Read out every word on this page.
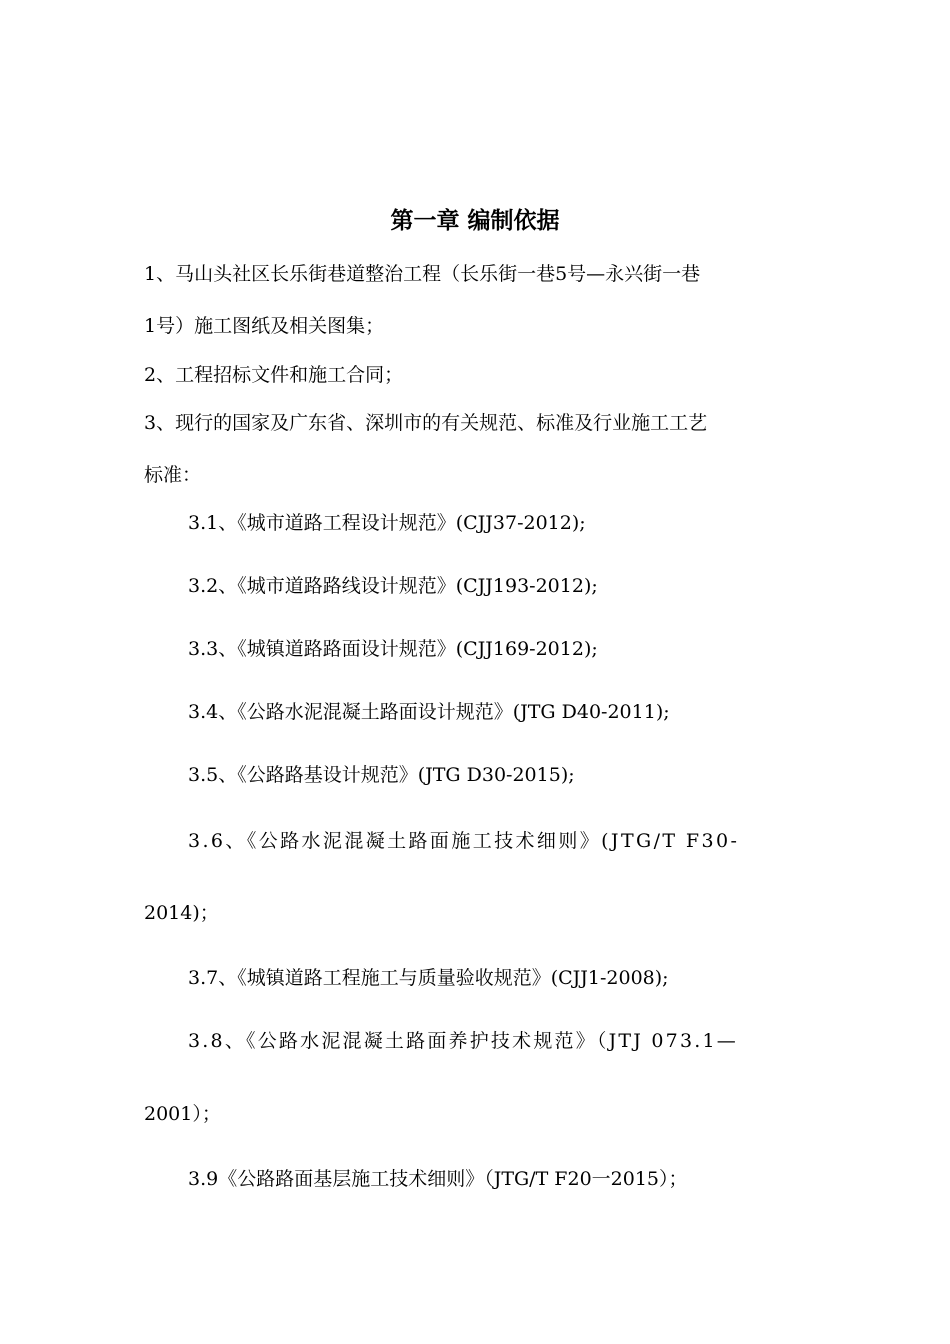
第一章 编制依据
1、马山头社区长乐街巷道整治工程（长乐街一巷5号—永兴街一巷
1号）施工图纸及相关图集；
2、工程招标文件和施工合同；
3、现行的国家及广东省、深圳市的有关规范、标准及行业施工工艺
标准：
3.1、《城市道路工程设计规范》(CJJ37-2012);
3.2、《城市道路路线设计规范》(CJJ193-2012);
3.3、《城镇道路路面设计规范》(CJJ169-2012);
3.4、《公路水泥混凝土路面设计规范》(JTG D40-2011);
3.5、《公路路基设计规范》(JTG D30-2015);
3.6、《公路水泥混凝土路面施工技术细则》(JTG/T F30-
2014)；
3.7、《城镇道路工程施工与质量验收规范》(CJJ1-2008);
3.8、《公路水泥混凝土路面养护技术规范》（JTJ 073.1—
2001）；
3.9《公路路面基层施工技术细则》（JTG/T F20一2015）；
